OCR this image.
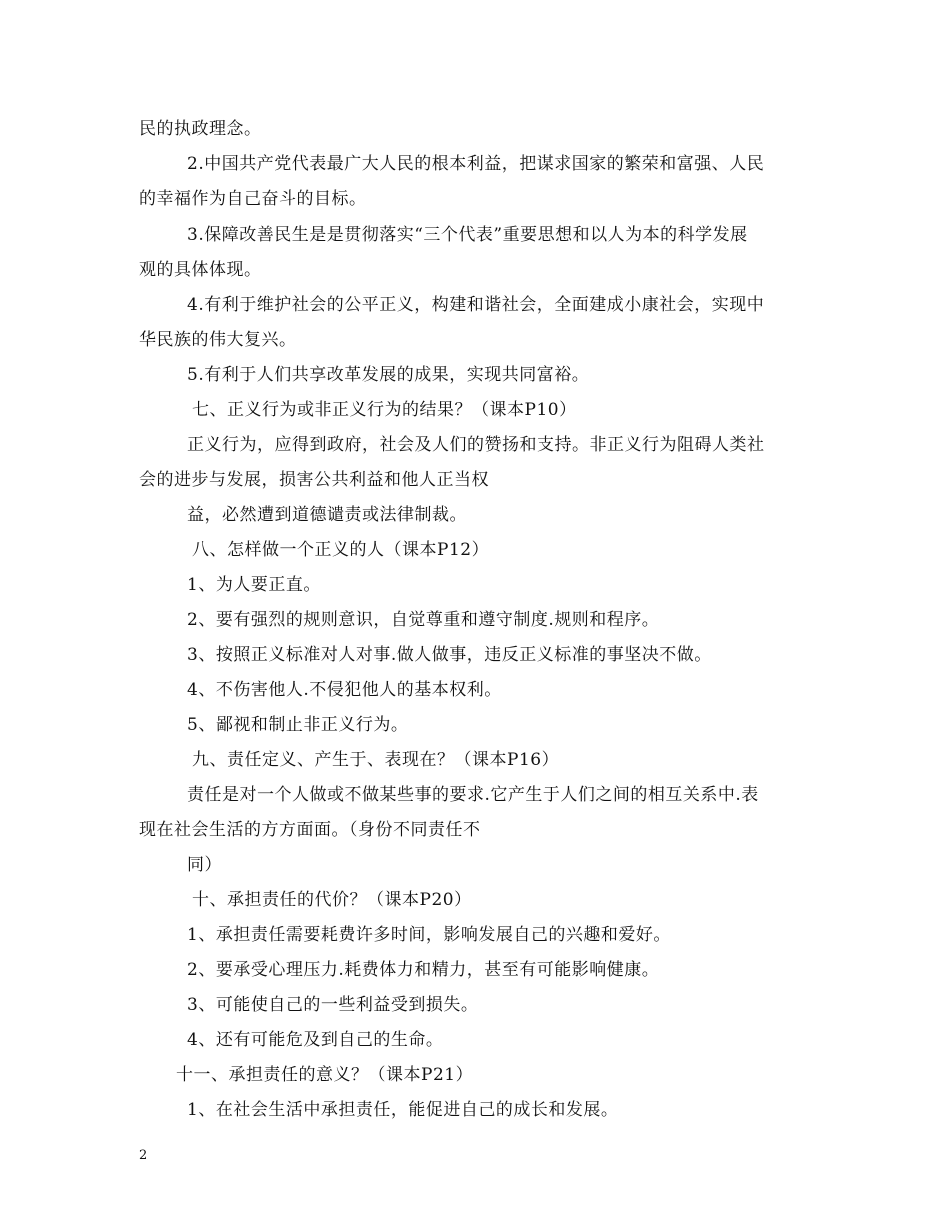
民的执政理念。
2.中国共产党代表最广大人民的根本利益，把谋求国家的繁荣和富强、人民
的幸福作为自己奋斗的目标。
3.保障改善民生是是贯彻落实“三个代表”重要思想和以人为本的科学发展
观的具体体现。
4.有利于维护社会的公平正义，构建和谐社会，全面建成小康社会，实现中
华民族的伟大复兴。
5.有利于人们共享改革发展的成果，实现共同富裕。
七、正义行为或非正义行为的结果？（课本P10）
正义行为，应得到政府，社会及人们的赞扬和支持。非正义行为阻碍人类社
会的进步与发展，损害公共利益和他人正当权
益，必然遭到道德谴责或法律制裁。
八、怎样做一个正义的人（课本P12）
1、为人要正直。
2、要有强烈的规则意识，自觉尊重和遵守制度.规则和程序。
3、按照正义标准对人对事.做人做事，违反正义标准的事坚决不做。
4、不伤害他人.不侵犯他人的基本权利。
5、鄙视和制止非正义行为。
九、责任定义、产生于、表现在？（课本P16）
责任是对一个人做或不做某些事的要求.它产生于人们之间的相互关系中.表
现在社会生活的方方面面。（身份不同责任不
同）
十、承担责任的代价？（课本P20）
1、承担责任需要耗费许多时间，影响发展自己的兴趣和爱好。
2、要承受心理压力.耗费体力和精力，甚至有可能影响健康。
3、可能使自己的一些利益受到损失。
4、还有可能危及到自己的生命。
十一、承担责任的意义？（课本P21）
1、在社会生活中承担责任，能促进自己的成长和发展。
2
